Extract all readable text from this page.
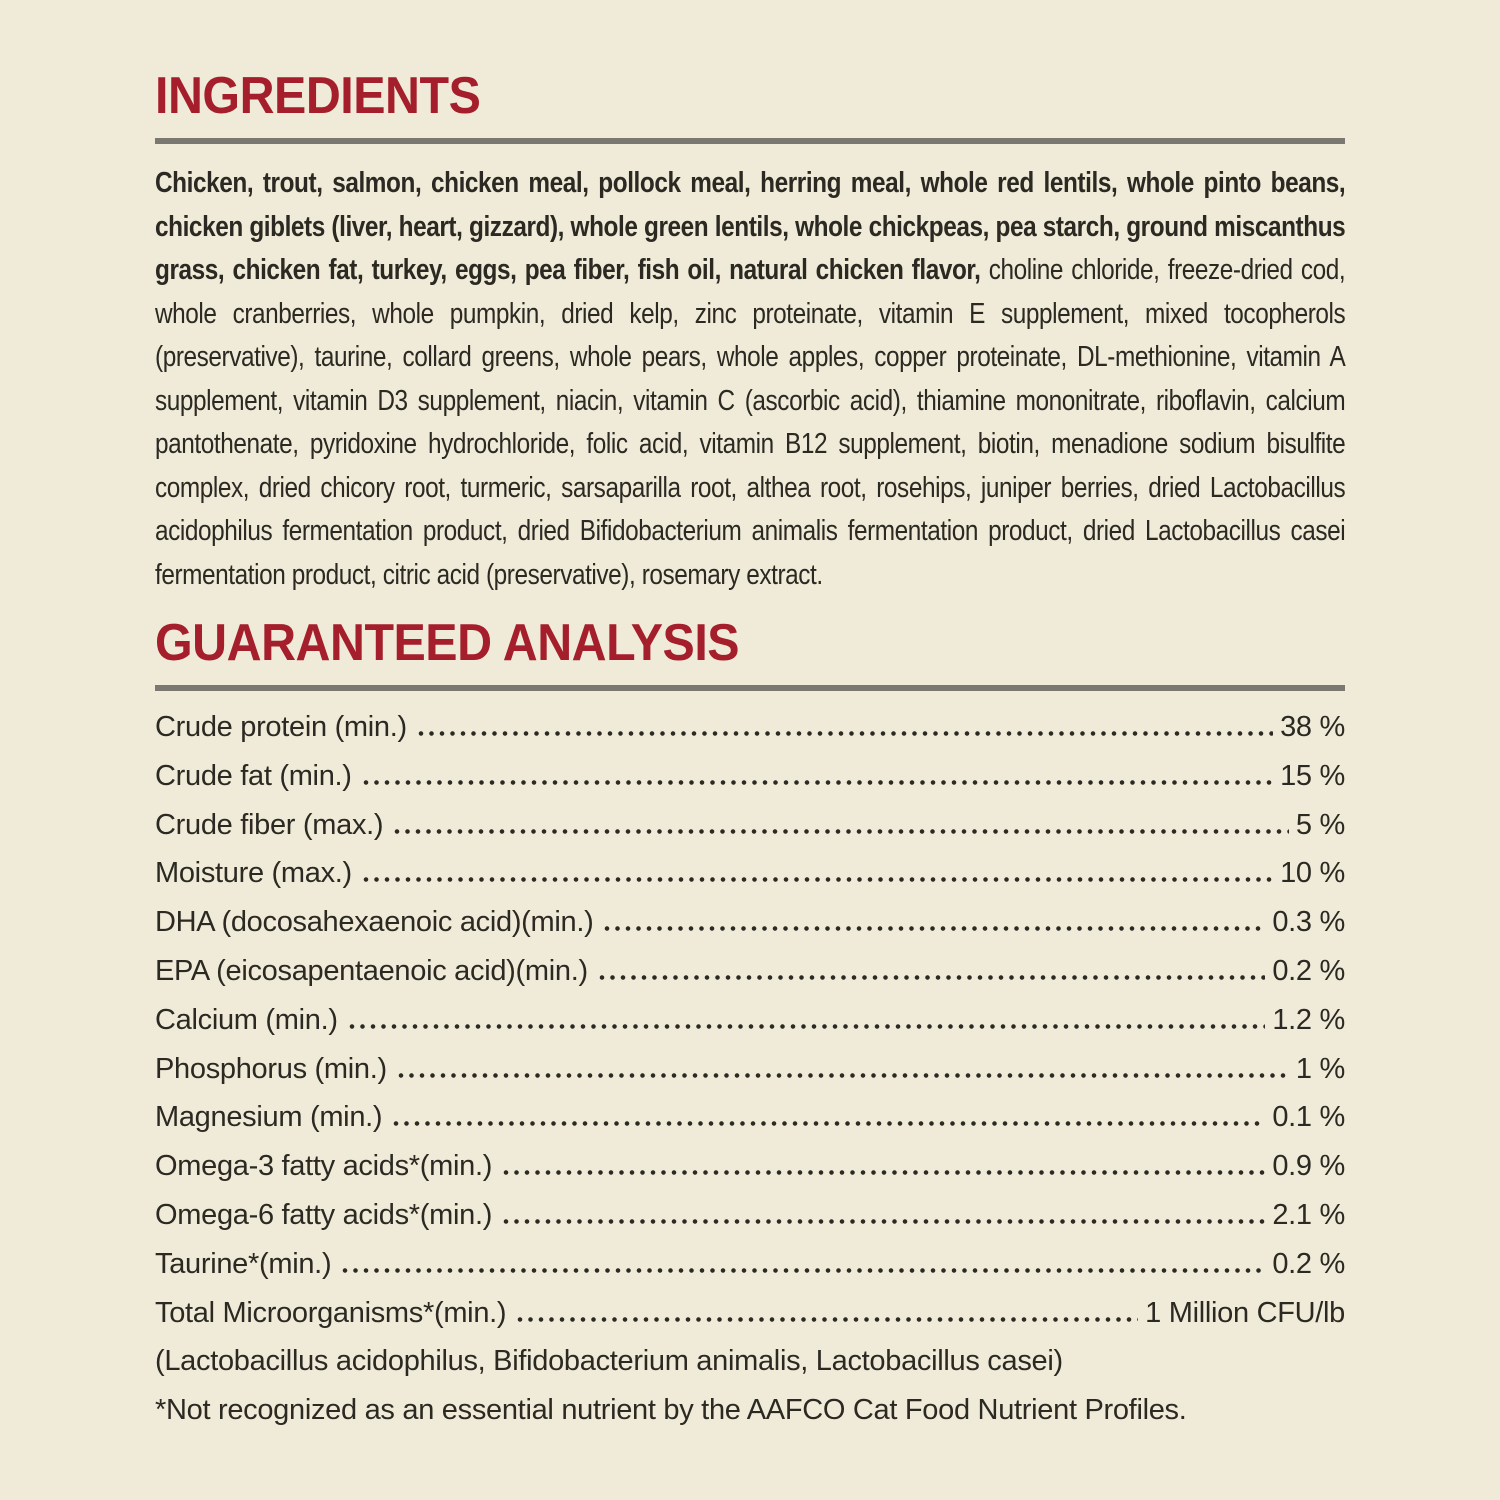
INGREDIENTS

Chicken, trout, salmon, chicken meal, pollock meal, herring meal, whole red lentils, whole pinto beans, chicken giblets (liver, heart, gizzard), whole green lentils, whole chickpeas, pea starch, ground miscanthus grass, chicken fat, turkey, eggs, pea fiber, fish oil, natural chicken flavor, choline chloride, freeze-dried cod, whole cranberries, whole pumpkin, dried kelp, zinc proteinate, vitamin E supplement, mixed tocopherols (preservative), taurine, collard greens, whole pears, whole apples, copper proteinate, DL-methionine, vitamin A supplement, vitamin D3 supplement, niacin, vitamin C (ascorbic acid), thiamine mononitrate, riboflavin, calcium pantothenate, pyridoxine hydrochloride, folic acid, vitamin B12 supplement, biotin, menadione sodium bisulfite complex, dried chicory root, turmeric, sarsaparilla root, althea root, rosehips, juniper berries, dried Lactobacillus acidophilus fermentation product, dried Bifidobacterium animalis fermentation product, dried Lactobacillus casei fermentation product, citric acid (preservative), rosemary extract.

GUARANTEED ANALYSIS
Crude protein (min.)	38 %
Crude fat (min.)	15 %
Crude fiber (max.)	5 %
Moisture (max.)	10 %
DHA (docosahexaenoic acid)(min.)	0.3 %
EPA (eicosapentaenoic acid)(min.)	0.2 %
Calcium (min.)	1.2 %
Phosphorus (min.)	1 %
Magnesium (min.)	0.1 %
Omega-3 fatty acids*(min.)	0.9 %
Omega-6 fatty acids*(min.)	2.1 %
Taurine*(min.)	0.2 %
Total Microorganisms*(min.)	1 Million CFU/lb
(Lactobacillus acidophilus, Bifidobacterium animalis, Lactobacillus casei)
*Not recognized as an essential nutrient by the AAFCO Cat Food Nutrient Profiles.
